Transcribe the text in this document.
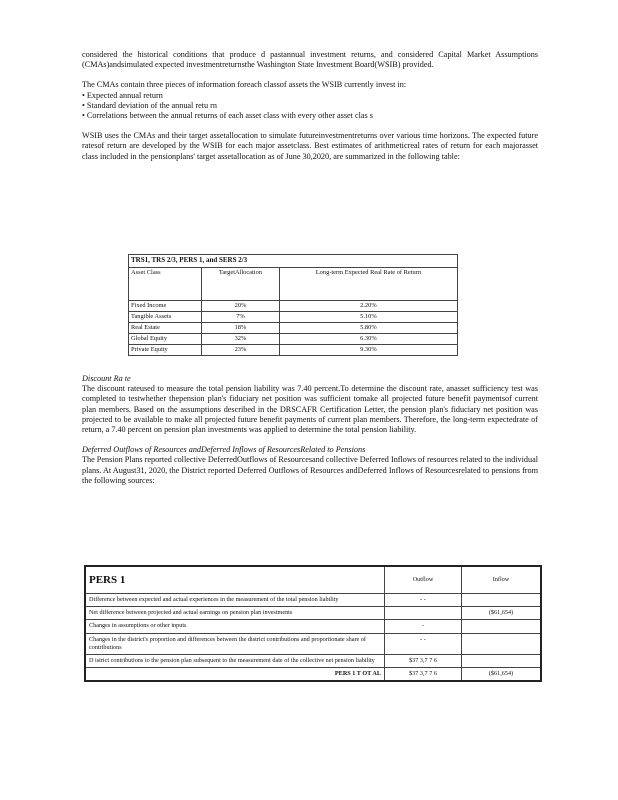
considered the historical conditions that produce d pastannual investment returns, and considered Capital Market Assumptions (CMAs)andsimulated expected investmentreturnsthe Washington State Investment Board(WSIB) provided.

The CMAs contain three pieces of information foreach classof assets the WSIB currently invest in:

• Expected annual return
• Standard deviation of the annual retu rn
• Correlations between the annual returns of each asset class with every other asset clas s

WSIB uses the CMAs and their target assetallocation to simulate futureinvestmentreturns over various time horizons. The expected future ratesof return are developed by the WSIB for each major assetclass. Best estimates of arithmeticreal rates of return for each majorasset class included in the pensionplans' target assetallocation as of June 30,2020, are summarized in the following table:

TRS1, TRS 2/3, PERS 1, and SERS 2/3		
Asset Class	TargetAllocation	Long-term Expected Real Rate of Return
Fixed Income	20%	2.20%
Tangible Assets	7%	5.10%
Real Estate	18%	5.80%
Global Equity	32%	6.30%
Private Equity	23%	9.30%

Discount Ra te

The discount rateused to measure the total pension liability was 7.40 percent.To determine the discount rate, anasset sufficiency test was completed to testwhether thepension plan's fiduciary net position was sufficient tomake all projected future benefit paymentsof current plan members. Based on the assumptions described in the DRSCAFR Certification Letter, the pension plan's fiduciary net position was projected to be available to make all projected future benefit payments of current plan members. Therefore, the long-term expectedrate of return, a 7.40 percent on pension plan investments was applied to determine the total pension liability.

Deferred Outflows of Resources andDeferred Inflows of ResourcesRelated to Pensions

The Pension Plans reported collective DeferredOutflows of Resourcesand collective Deferred Inflows of resources related to the individual plans. At August31, 2020, the District reported Deferred Outflows of Resources andDeferred Inflows of Resourcesrelated to pensions from the following sources:

PERS 1	Outflow	Inflow
Difference between expected and actual experiences in the measurement of the total pension liability	- -	
Net difference between projected and actual earnings on pension plan investments		($61,654)
Changes in assumptions or other inputs	-	
Changes in the district's proportion and differences between the district contributions and proportionate share of contributions	- -	
D istrict contributions to the pension plan subsequent to the measurement date of the collective net pension liability	$37 3,7 7 6	
PERS 1 T OT AL	$37 3,7 7 6	($61,654)
